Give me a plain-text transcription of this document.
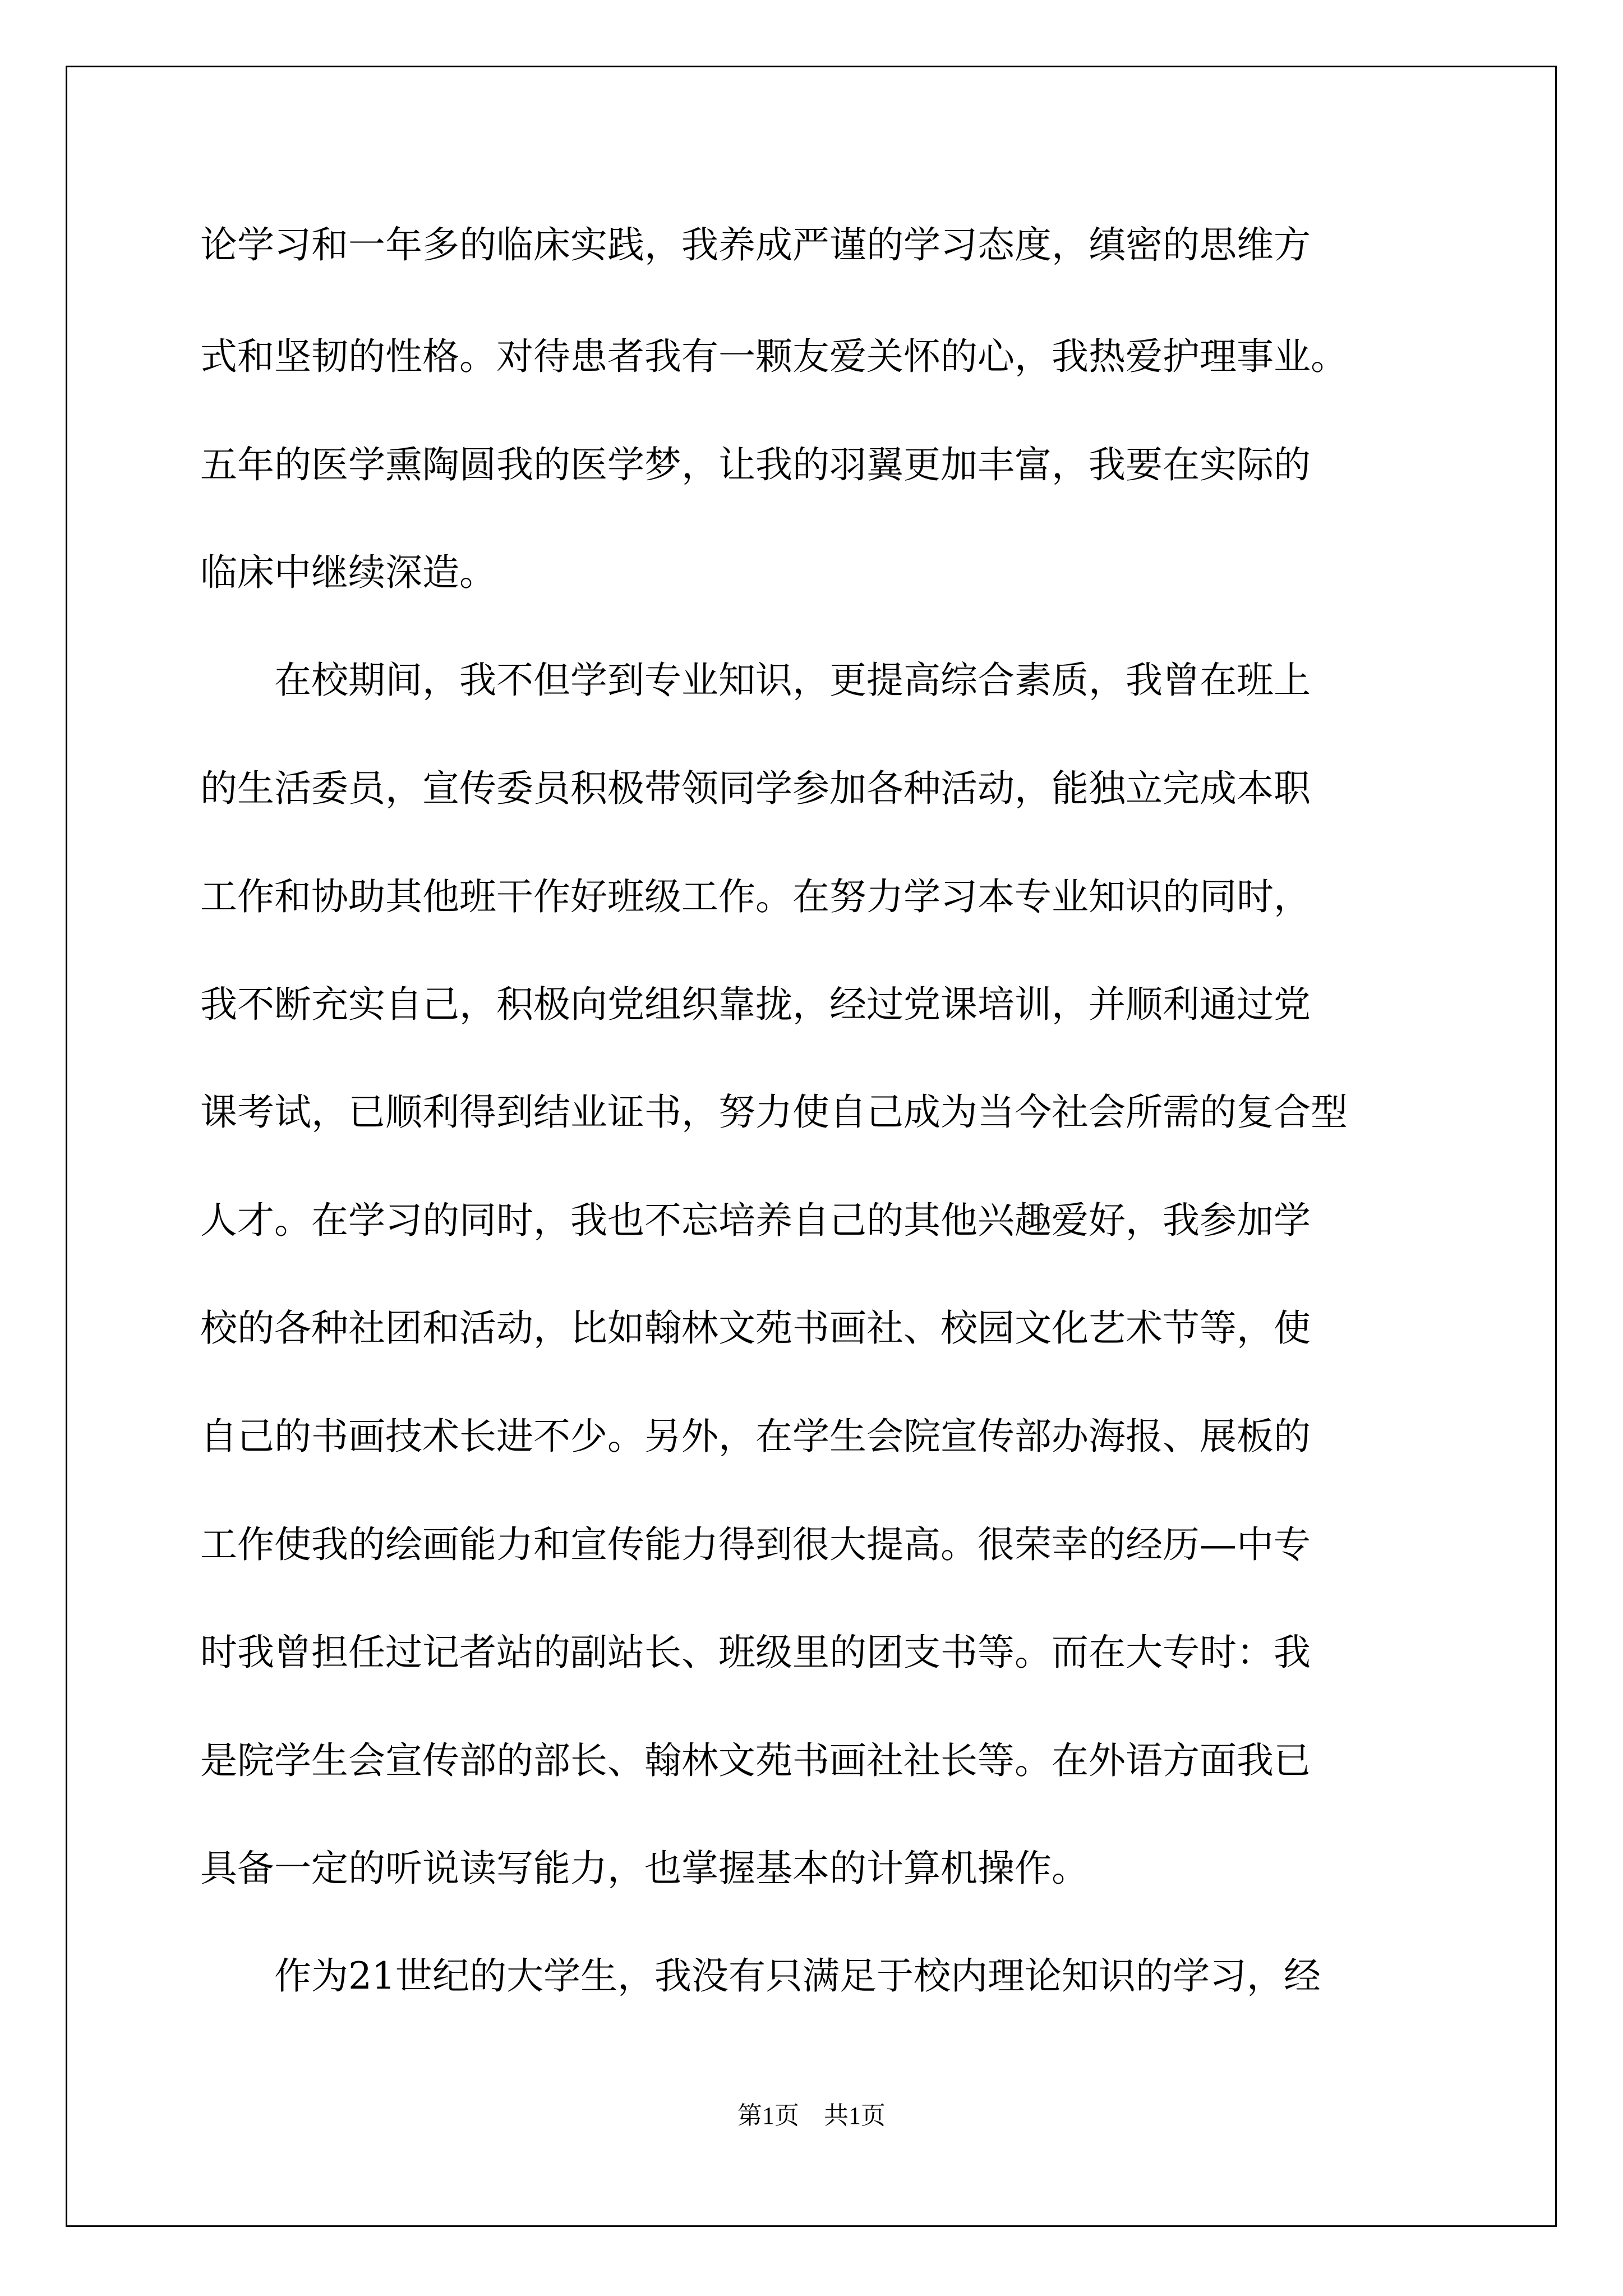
论学习和一年多的临床实践，我养成严谨的学习态度，缜密的思维方

式和坚韧的性格。对待患者我有一颗友爱关怀的心，我热爱护理事业。

五年的医学熏陶圆我的医学梦，让我的羽翼更加丰富，我要在实际的

临床中继续深造。

　　在校期间，我不但学到专业知识，更提高综合素质，我曾在班上

的生活委员，宣传委员积极带领同学参加各种活动，能独立完成本职

工作和协助其他班干作好班级工作。在努力学习本专业知识的同时，

我不断充实自己，积极向党组织靠拢，经过党课培训，并顺利通过党

课考试，已顺利得到结业证书，努力使自己成为当今社会所需的复合型

人才。在学习的同时，我也不忘培养自己的其他兴趣爱好，我参加学

校的各种社团和活动，比如翰林文苑书画社、校园文化艺术节等，使

自己的书画技术长进不少。另外，在学生会院宣传部办海报、展板的

工作使我的绘画能力和宣传能力得到很大提高。很荣幸的经历—中专

时我曾担任过记者站的副站长、班级里的团支书等。而在大专时：我

是院学生会宣传部的部长、翰林文苑书画社社长等。在外语方面我已

具备一定的听说读写能力，也掌握基本的计算机操作。

　　作为21世纪的大学生，我没有只满足于校内理论知识的学习，经

第1页　共1页
